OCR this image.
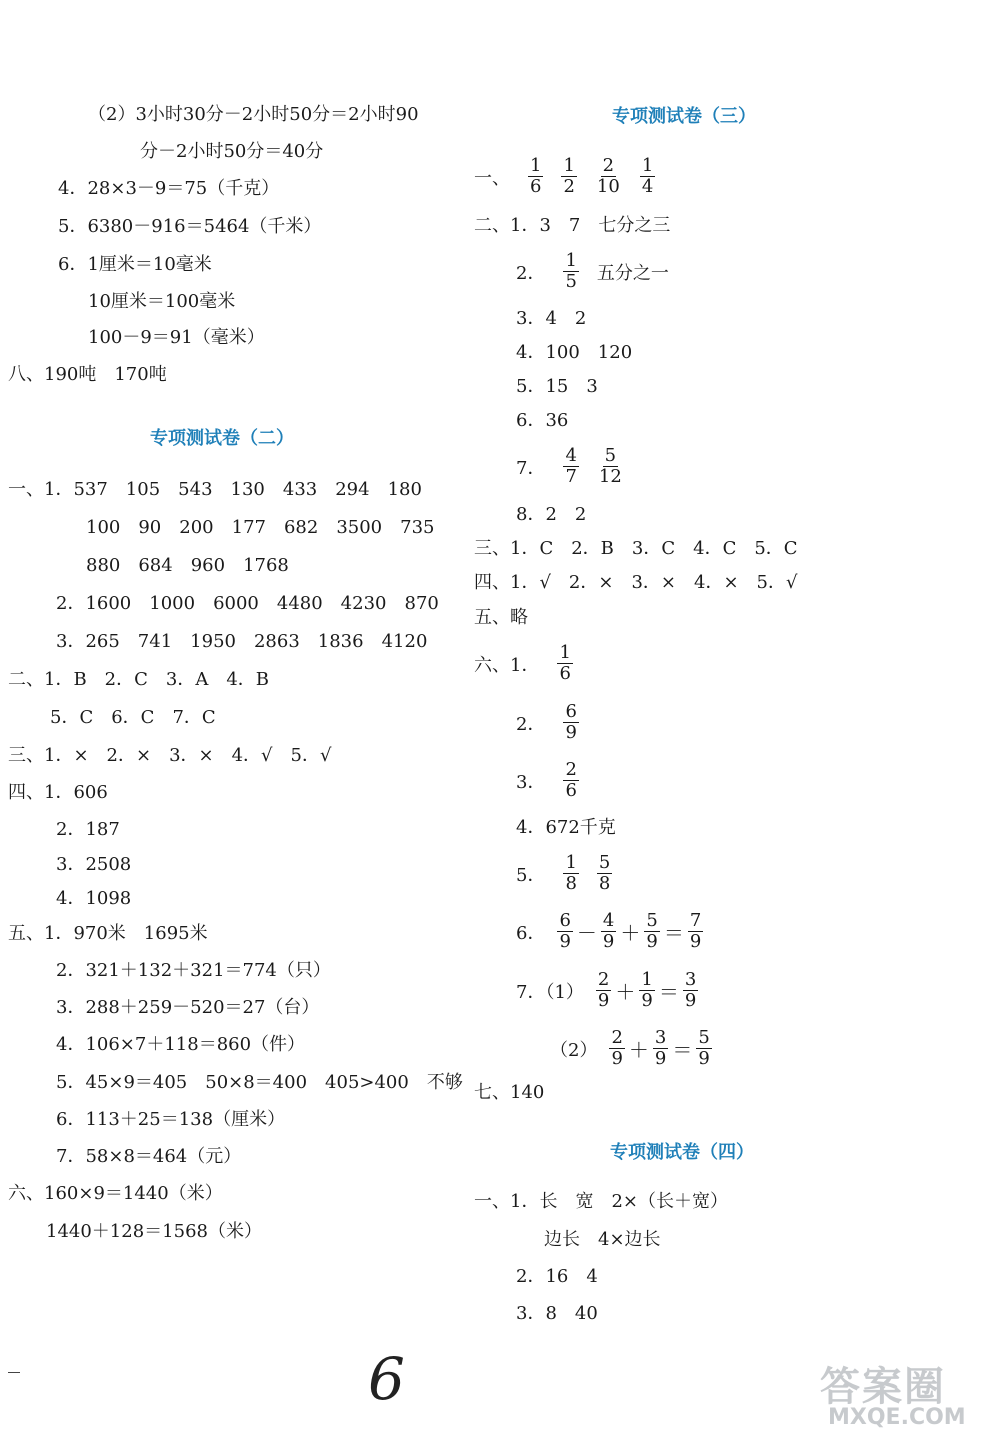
（2）3小时30分－2小时50分＝2小时90
分－2小时50分＝40分
4．28×3－9＝75（千克）
5．6380－916＝5464（千米）
6．1厘米＝10毫米
10厘米＝100毫米
100－9＝91（毫米）
八、190吨　170吨
专项测试卷（二）
一、1．537　105　543　130　433　294　180
100　90　200　177　682　3500　735
880　684　960　1768
2．1600　1000　6000　4480　4230　870
3．265　741　1950　2863　1836　4120
二、1．B　2．C　3．A　4．B
5．C　6．C　7．C
三、1．×　2．×　3．×　4．√　5．√
四、1．606
2．187
3．2508
4．1098
五、1．970米　1695米
2．321＋132＋321＝774（只）
3．288＋259－520＝27（台）
4．106×7＋118＝860（件）
5．45×9＝405　50×8＝400　405>400　不够
6．113＋25＝138（厘米）
7．58×8＝464（元）
六、160×9＝1440（米）
1440＋128＝1568（米）
专项测试卷（三）
一、 $\frac{1}{6} \frac{1}{2} \frac{2}{10} \frac{1}{4}$
二、1．3　7　七分之三
2． $\frac{1}{5}$ 五分之一
3．4　2
4．100　120
5．15　3
6．36
7． $\frac{4}{7} \frac{5}{12}$
8．2　2
三、1．C　2．B　3．C　4．C　5．C
四、1．√　2．×　3．×　4．×　5．√
五、略
六、1． $\frac{1}{6}$
2． $\frac{6}{9}$
3． $\frac{2}{6}$
4．672千克
5． $\frac{1}{8} \frac{5}{8}$
6． $\frac{6}{9} - \frac{4}{9} + \frac{5}{9} = \frac{7}{9}$
7．$(1) \frac{2}{9} + \frac{1}{9} = \frac{3}{9}$
$(2) \frac{2}{9} + \frac{3}{9} = \frac{5}{9}$
七、140
专项测试卷（四）
一、1．长　宽　2×（长＋宽）
边长　4×边长
2．16　4
3．8　40
6	答案圈
MXQE.COM
